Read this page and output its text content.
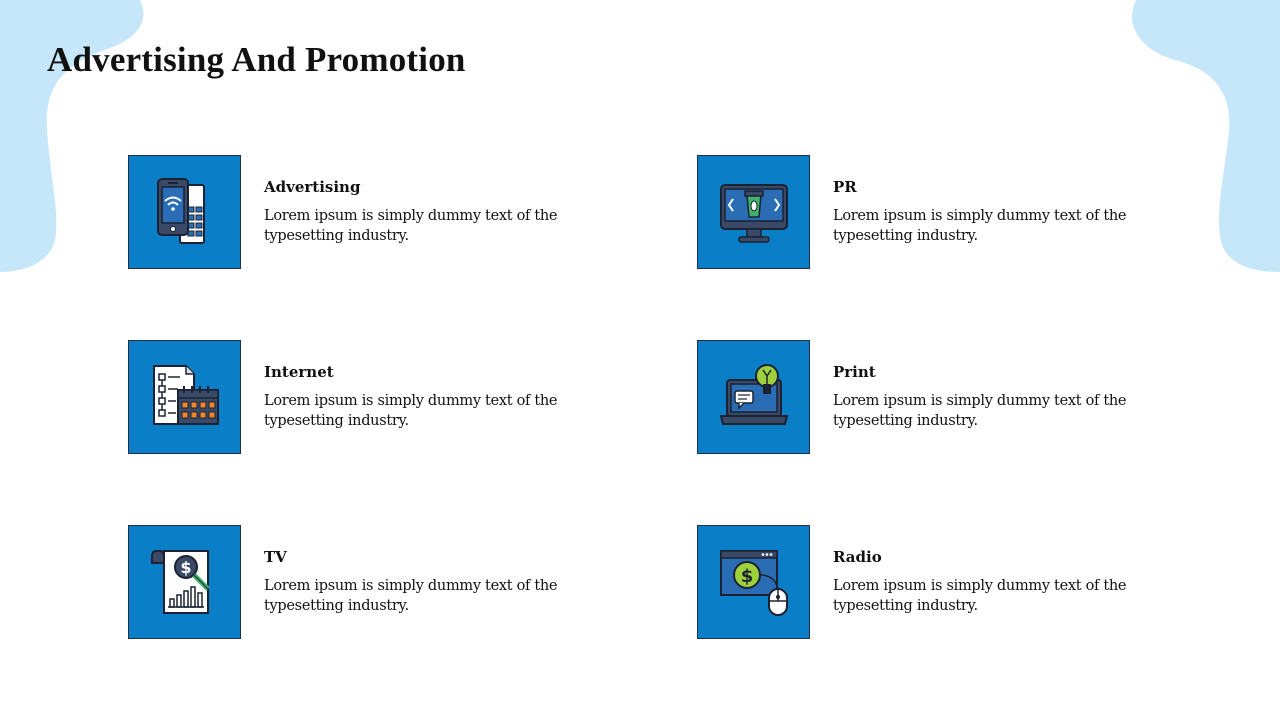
Advertising And Promotion
Advertising
Lorem ipsum is simply dummy text of the typesetting industry.
PR
Lorem ipsum is simply dummy text of the typesetting industry.
Internet
Lorem ipsum is simply dummy text of the typesetting industry.
Print
Lorem ipsum is simply dummy text of the typesetting industry.
$
TV
Lorem ipsum is simply dummy text of the typesetting industry.
$
Radio
Lorem ipsum is simply dummy text of the typesetting industry.
